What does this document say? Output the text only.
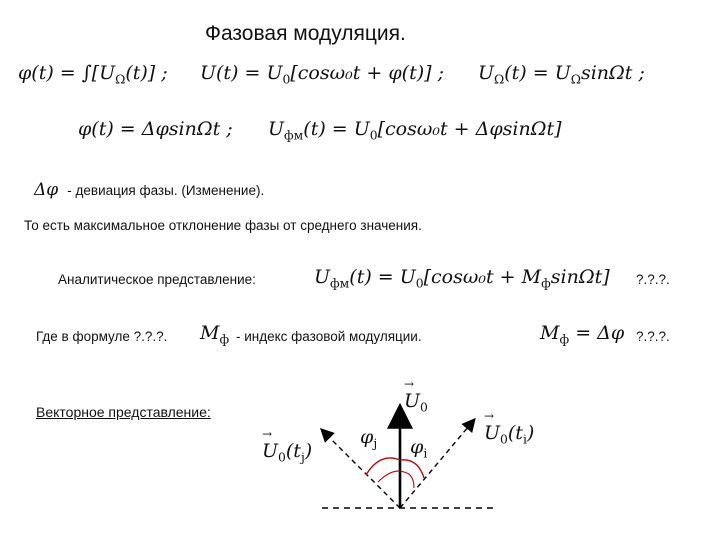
Фазовая модуляция.
$\varphi(t) = \int[U_\Omega(t)]$ ; $U(t) = U_0[\cos\omega_0t + \varphi(t)]$ ; $U_\Omega(t) = U_\Omega\sin\Omega t$ ;
φ(t) = ΔφsinΩt ; $U_{фм}(t) = U_0[\cos\omega_0t + \Delta\varphi\sin\Omega t]$
Δφ - девиация фазы. (Изменение).
То есть максимальное отклонение фазы от среднего значения.
Аналитическое представление:	$U_{фм}(t) = U_0[\cos\omega_0t + M_ф\sin\Omega t]$ ?.?.?.
Где в формуле ?.?.?. $M_ф$ - индекс фазовой модуляции.	$M_ф = \Delta\varphi$ ?.?.?.
Векторное представление:
→	$U_0$
$\varphi_j$ $\varphi_i$
→ $U_0(t_j)$
→ $U_0(t_i)$
